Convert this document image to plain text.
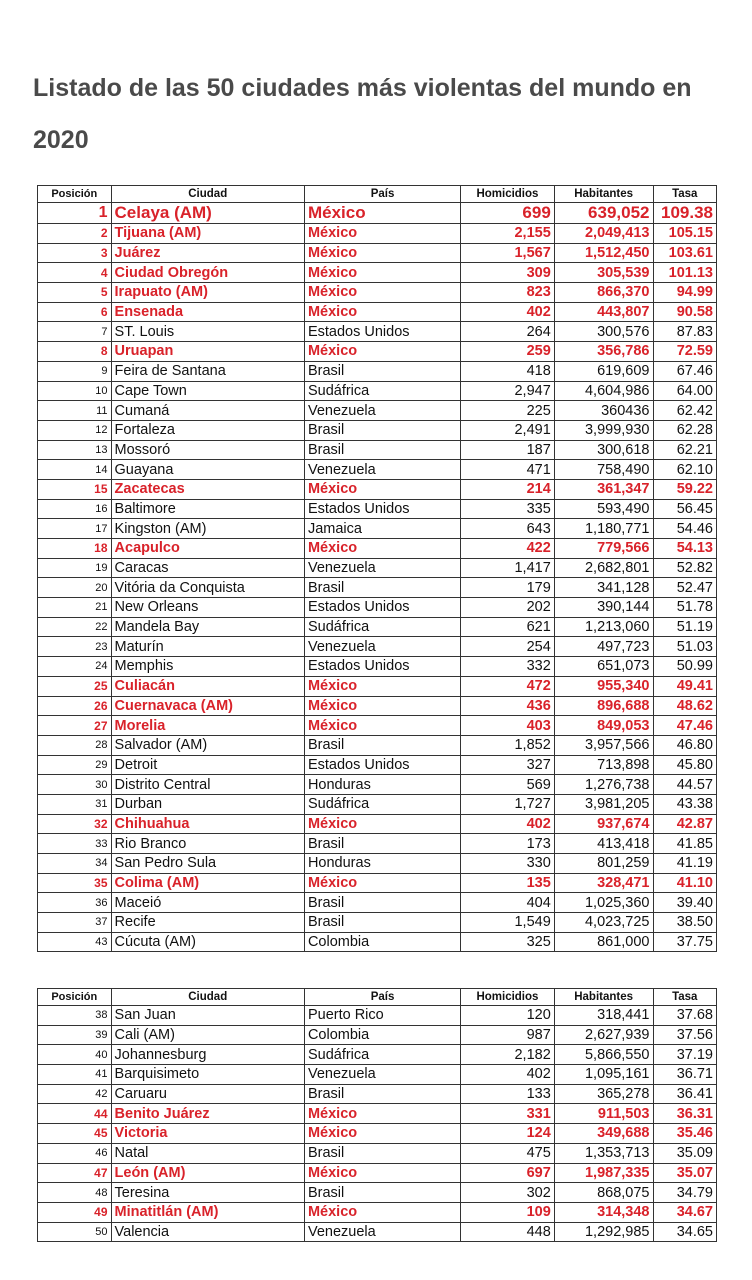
Listado de las 50 ciudades más violentas del mundo en 2020
Posición	Ciudad	País	Homicidios	Habitantes	Tasa
1	Celaya (AM)	México	699	639,052	109.38
2	Tijuana (AM)	México	2,155	2,049,413	105.15
3	Juárez	México	1,567	1,512,450	103.61
4	Ciudad Obregón	México	309	305,539	101.13
5	Irapuato (AM)	México	823	866,370	94.99
6	Ensenada	México	402	443,807	90.58
7	ST. Louis	Estados Unidos	264	300,576	87.83
8	Uruapan	México	259	356,786	72.59
9	Feira de Santana	Brasil	418	619,609	67.46
10	Cape Town	Sudáfrica	2,947	4,604,986	64.00
11	Cumaná	Venezuela	225	360436	62.42
12	Fortaleza	Brasil	2,491	3,999,930	62.28
13	Mossoró	Brasil	187	300,618	62.21
14	Guayana	Venezuela	471	758,490	62.10
15	Zacatecas	México	214	361,347	59.22
16	Baltimore	Estados Unidos	335	593,490	56.45
17	Kingston (AM)	Jamaica	643	1,180,771	54.46
18	Acapulco	México	422	779,566	54.13
19	Caracas	Venezuela	1,417	2,682,801	52.82
20	Vitória da Conquista	Brasil	179	341,128	52.47
21	New Orleans	Estados Unidos	202	390,144	51.78
22	Mandela Bay	Sudáfrica	621	1,213,060	51.19
23	Maturín	Venezuela	254	497,723	51.03
24	Memphis	Estados Unidos	332	651,073	50.99
25	Culiacán	México	472	955,340	49.41
26	Cuernavaca (AM)	México	436	896,688	48.62
27	Morelia	México	403	849,053	47.46
28	Salvador (AM)	Brasil	1,852	3,957,566	46.80
29	Detroit	Estados Unidos	327	713,898	45.80
30	Distrito Central	Honduras	569	1,276,738	44.57
31	Durban	Sudáfrica	1,727	3,981,205	43.38
32	Chihuahua	México	402	937,674	42.87
33	Rio Branco	Brasil	173	413,418	41.85
34	San Pedro Sula	Honduras	330	801,259	41.19
35	Colima (AM)	México	135	328,471	41.10
36	Maceió	Brasil	404	1,025,360	39.40
37	Recife	Brasil	1,549	4,023,725	38.50
43	Cúcuta (AM)	Colombia	325	861,000	37.75
Posición	Ciudad	País	Homicidios	Habitantes	Tasa
38	San Juan	Puerto Rico	120	318,441	37.68
39	Cali (AM)	Colombia	987	2,627,939	37.56
40	Johannesburg	Sudáfrica	2,182	5,866,550	37.19
41	Barquisimeto	Venezuela	402	1,095,161	36.71
42	Caruaru	Brasil	133	365,278	36.41
44	Benito Juárez	México	331	911,503	36.31
45	Victoria	México	124	349,688	35.46
46	Natal	Brasil	475	1,353,713	35.09
47	León (AM)	México	697	1,987,335	35.07
48	Teresina	Brasil	302	868,075	34.79
49	Minatitlán (AM)	México	109	314,348	34.67
50	Valencia	Venezuela	448	1,292,985	34.65
